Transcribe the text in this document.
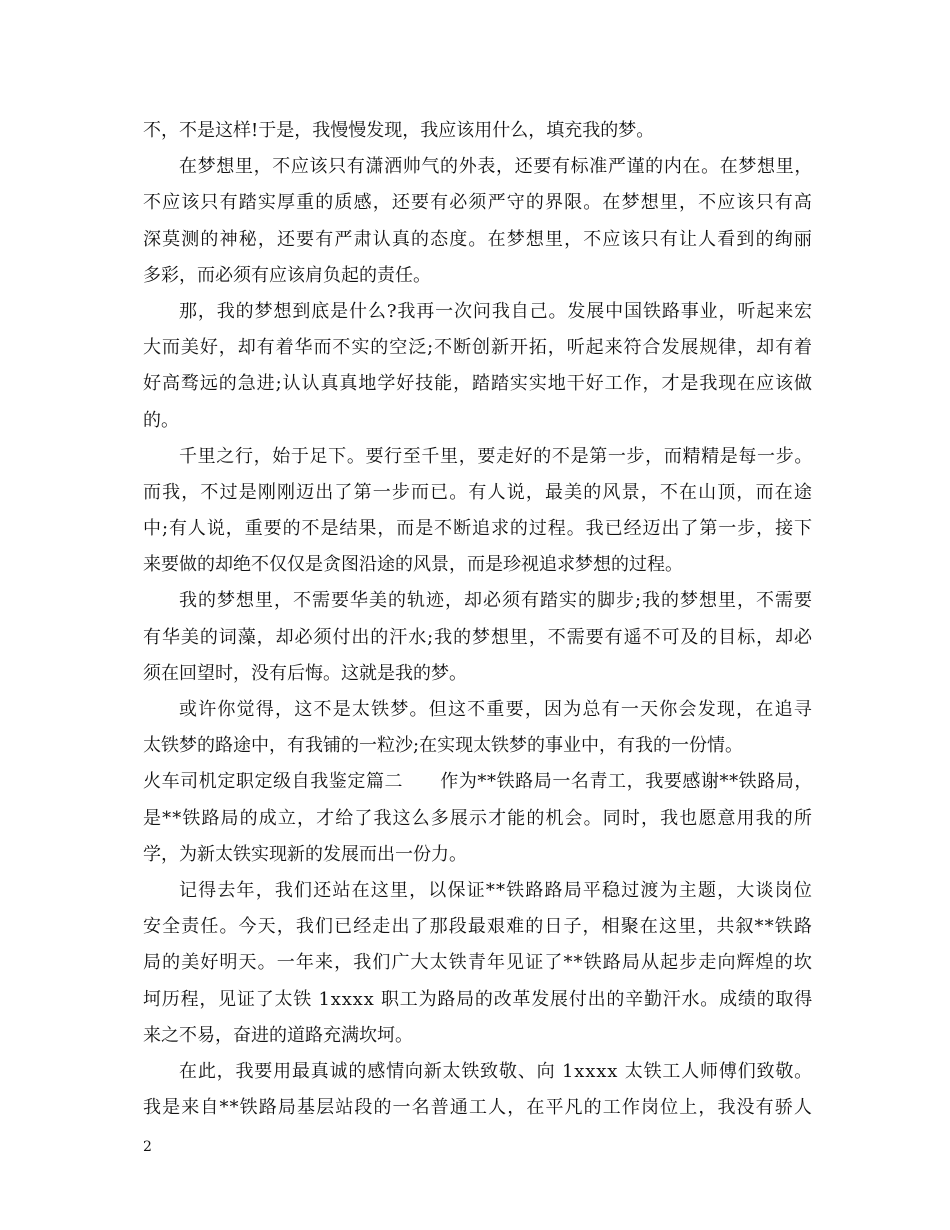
不，不是这样!于是，我慢慢发现，我应该用什么，填充我的梦。
在梦想里，不应该只有潇洒帅气的外表，还要有标准严谨的内在。在梦想里，
不应该只有踏实厚重的质感，还要有必须严守的界限。在梦想里，不应该只有高
深莫测的神秘，还要有严肃认真的态度。在梦想里，不应该只有让人看到的绚丽
多彩，而必须有应该肩负起的责任。
那，我的梦想到底是什么?我再一次问我自己。发展中国铁路事业，听起来宏
大而美好，却有着华而不实的空泛;不断创新开拓，听起来符合发展规律，却有着
好高骛远的急进;认认真真地学好技能，踏踏实实地干好工作，才是我现在应该做
的。
千里之行，始于足下。要行至千里，要走好的不是第一步，而精精是每一步。
而我，不过是刚刚迈出了第一步而已。有人说，最美的风景，不在山顶，而在途
中;有人说，重要的不是结果，而是不断追求的过程。我已经迈出了第一步，接下
来要做的却绝不仅仅是贪图沿途的风景，而是珍视追求梦想的过程。
我的梦想里，不需要华美的轨迹，却必须有踏实的脚步;我的梦想里，不需要
有华美的词藻，却必须付出的汗水;我的梦想里，不需要有遥不可及的目标，却必
须在回望时，没有后悔。这就是我的梦。
或许你觉得，这不是太铁梦。但这不重要，因为总有一天你会发现，在追寻
太铁梦的路途中，有我铺的一粒沙;在实现太铁梦的事业中，有我的一份情。
火车司机定职定级自我鉴定篇二　　作为**铁路局一名青工，我要感谢**铁路局，
是**铁路局的成立，才给了我这么多展示才能的机会。同时，我也愿意用我的所
学，为新太铁实现新的发展而出一份力。
记得去年，我们还站在这里，以保证**铁路路局平稳过渡为主题，大谈岗位
安全责任。今天，我们已经走出了那段最艰难的日子，相聚在这里，共叙**铁路
局的美好明天。一年来，我们广大太铁青年见证了**铁路局从起步走向辉煌的坎
坷历程，见证了太铁 1xxxx 职工为路局的改革发展付出的辛勤汗水。成绩的取得
来之不易，奋进的道路充满坎坷。
在此，我要用最真诚的感情向新太铁致敬、向 1xxxx 太铁工人师傅们致敬。
我是来自**铁路局基层站段的一名普通工人，在平凡的工作岗位上，我没有骄人
2
